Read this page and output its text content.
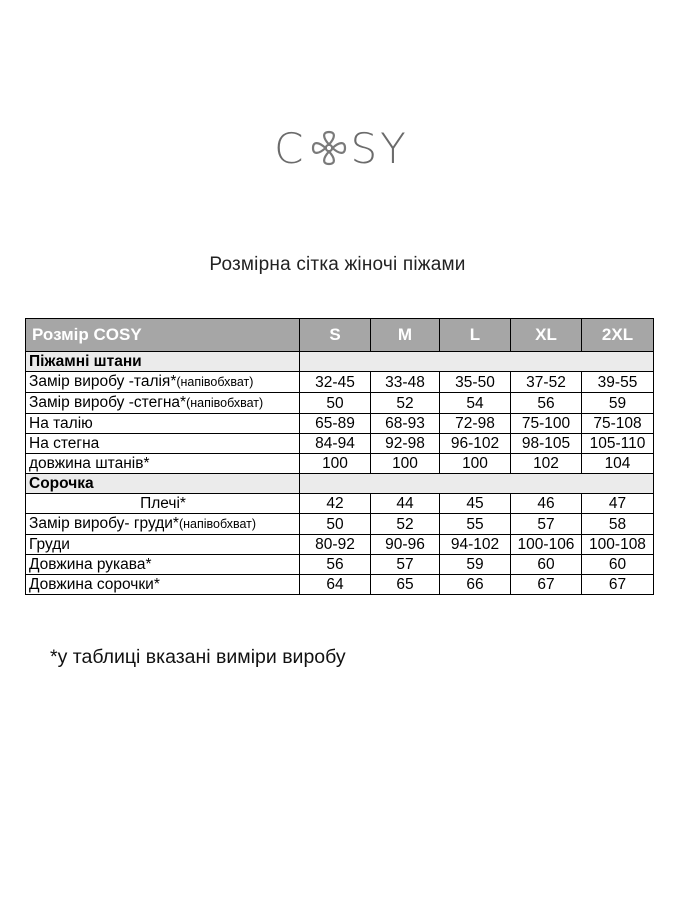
C SY
Розмірна сітка жіночі піжами
Розмір COSY	S	M	L	XL	2XL
Піжамні штани					
Замір виробу -талія*(напівобхват)	32-45	33-48	35-50	37-52	39-55
Замір виробу -стегна*(напівобхват)	50	52	54	56	59
На талію	65-89	68-93	72-98	75-100	75-108
На стегна	84-94	92-98	96-102	98-105	105-110
довжина штанів*	100	100	100	102	104
Сорочка					
Плечі*	42	44	45	46	47
Замір виробу- груди*(напівобхват)	50	52	55	57	58
Груди	80-92	90-96	94-102	100-106	100-108
Довжина рукава*	56	57	59	60	60
Довжина сорочки*	64	65	66	67	67
*у таблиці вказані виміри виробу
